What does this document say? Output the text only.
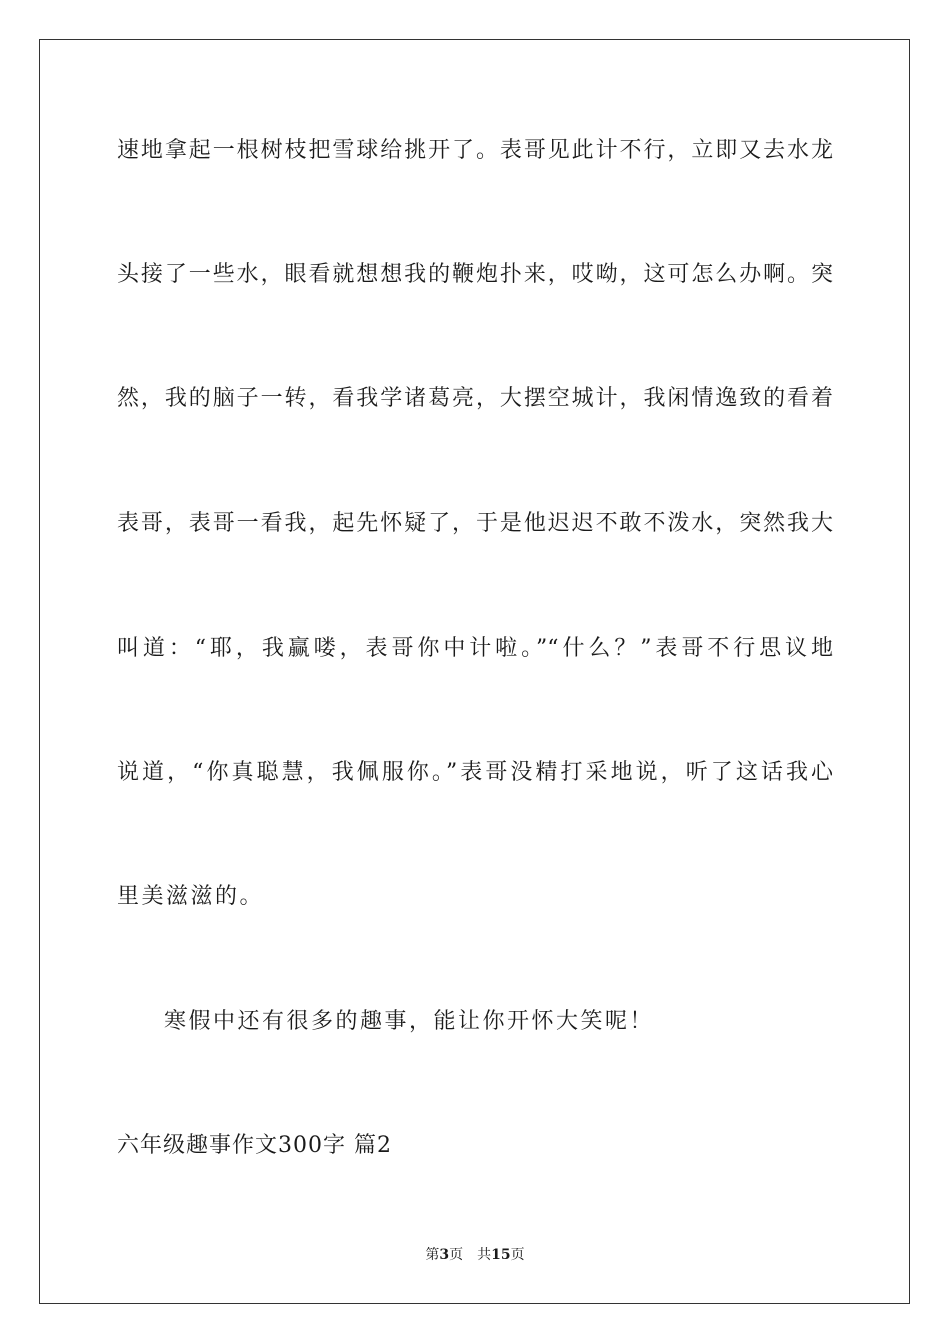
速地拿起一根树枝把雪球给挑开了。表哥见此计不行，立即又去水龙
头接了一些水，眼看就想想我的鞭炮扑来，哎呦，这可怎么办啊。突
然，我的脑子一转，看我学诸葛亮，大摆空城计，我闲情逸致的看着
表哥，表哥一看我，起先怀疑了，于是他迟迟不敢不泼水，突然我大
叫道：“耶，我赢喽，表哥你中计啦。”“什么？”表哥不行思议地
说道，“你真聪慧，我佩服你。”表哥没精打采地说，听了这话我心
里美滋滋的。
寒假中还有很多的趣事，能让你开怀大笑呢！
六年级趣事作文300字 篇2
第3页 共15页
